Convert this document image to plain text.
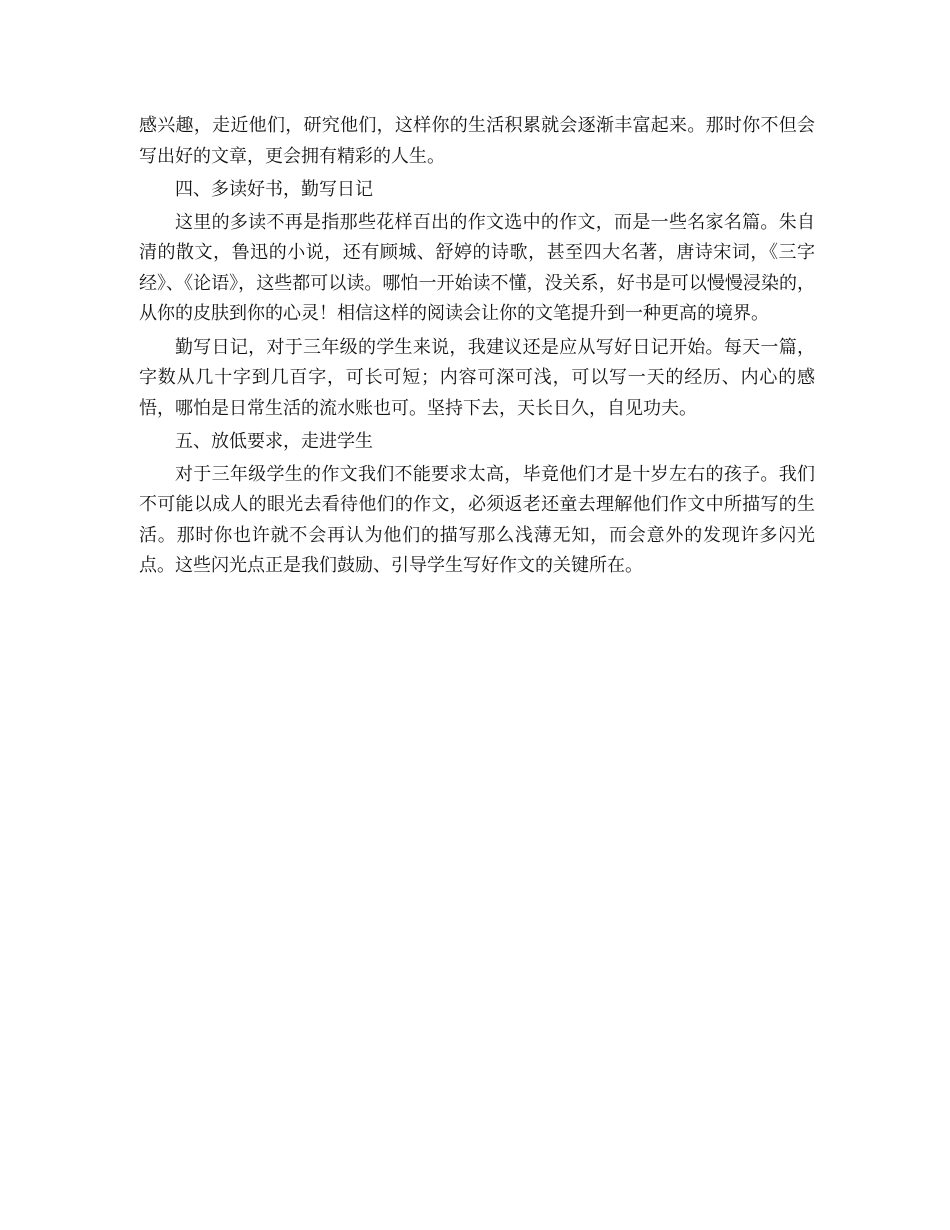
感兴趣，走近他们，研究他们，这样你的生活积累就会逐渐丰富起来。那时你不但会写出好的文章，更会拥有精彩的人生。

四、多读好书，勤写日记

这里的多读不再是指那些花样百出的作文选中的作文，而是一些名家名篇。朱自清的散文，鲁迅的小说，还有顾城、舒婷的诗歌，甚至四大名著，唐诗宋词，《三字经》、《论语》，这些都可以读。哪怕一开始读不懂，没关系，好书是可以慢慢浸染的，从你的皮肤到你的心灵！相信这样的阅读会让你的文笔提升到一种更高的境界。

勤写日记，对于三年级的学生来说，我建议还是应从写好日记开始。每天一篇，字数从几十字到几百字，可长可短；内容可深可浅，可以写一天的经历、内心的感悟，哪怕是日常生活的流水账也可。坚持下去，天长日久，自见功夫。

五、放低要求，走进学生

对于三年级学生的作文我们不能要求太高，毕竟他们才是十岁左右的孩子。我们不可能以成人的眼光去看待他们的作文，必须返老还童去理解他们作文中所描写的生活。那时你也许就不会再认为他们的描写那么浅薄无知，而会意外的发现许多闪光点。这些闪光点正是我们鼓励、引导学生写好作文的关键所在。
